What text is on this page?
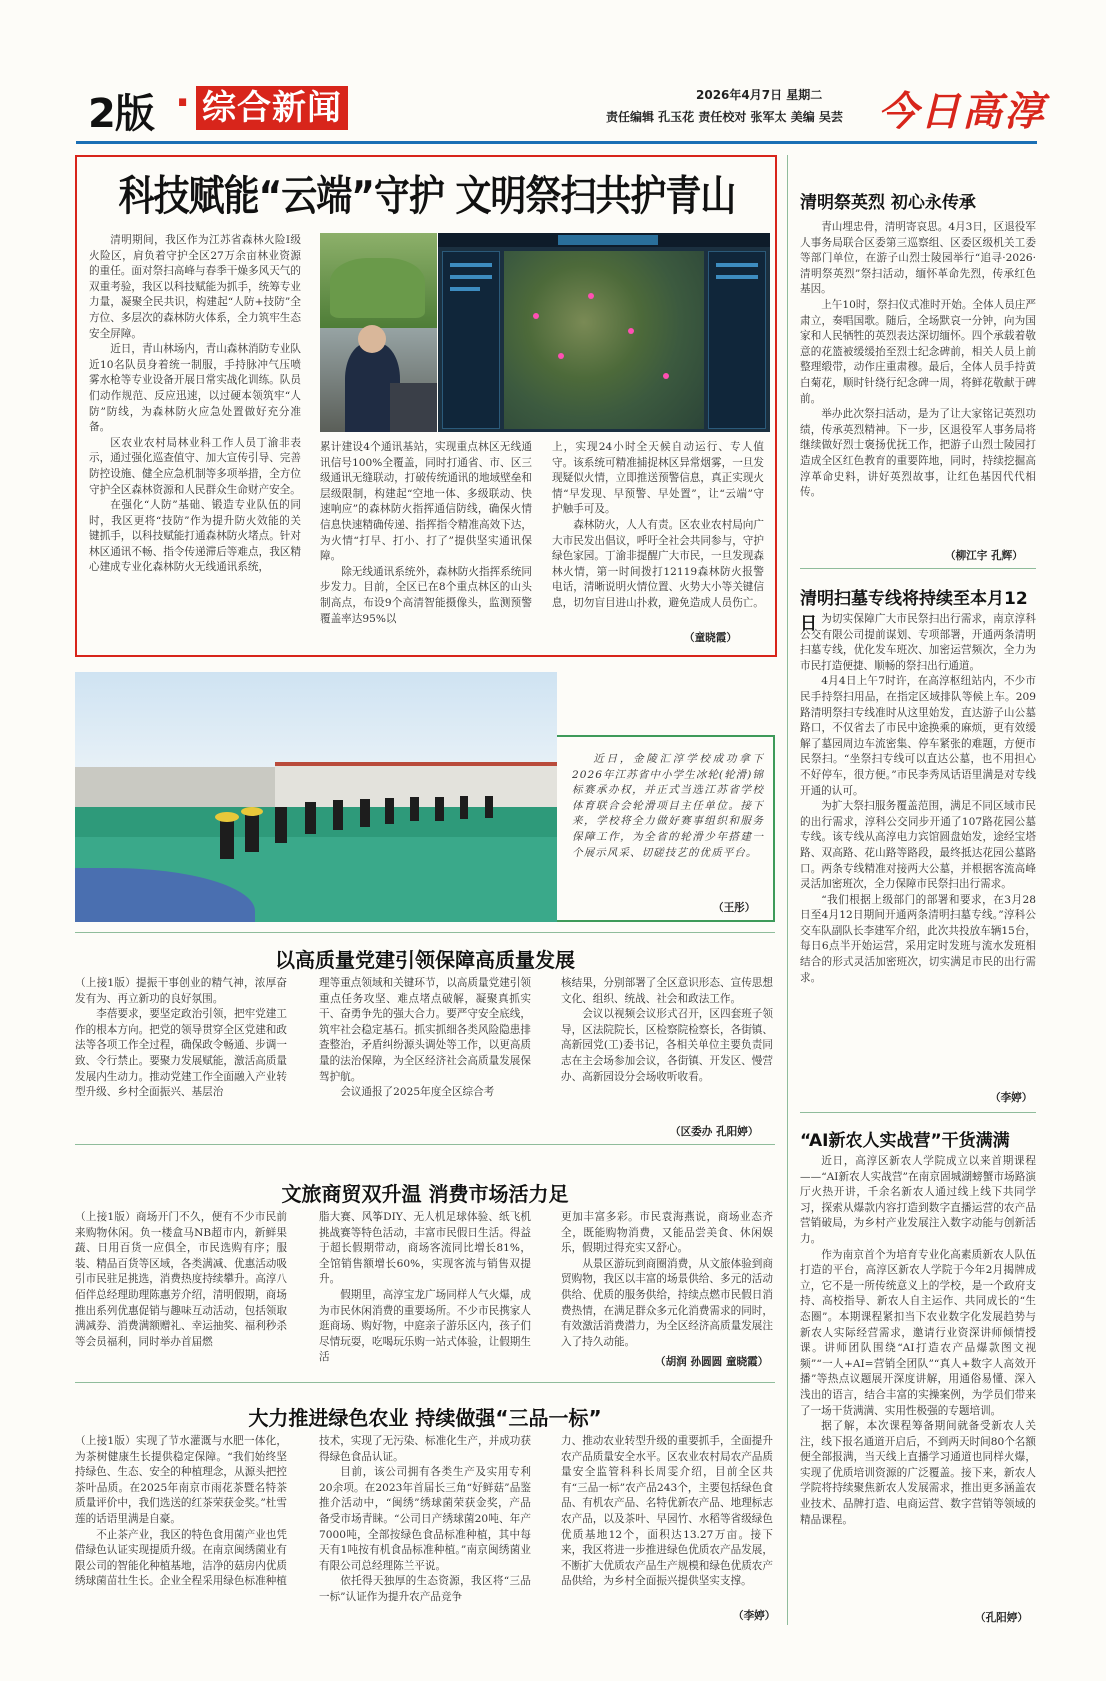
2版 · 综合新闻	2026年4月7日 星期二
责任编辑 孔玉花 责任校对 张军太 美编 吴芸 今日高淳
科技赋能“云端”守护 文明祭扫共护青山

清明期间，我区作为江苏省森林火险Ⅰ级火险区，肩负着守护全区27万余亩林业资源的重任。面对祭扫高峰与春季干燥多风天气的双重考验，我区以科技赋能为抓手，统筹专业力量，凝聚全民共识，构建起“人防+技防”全方位、多层次的森林防火体系，全力筑牢生态安全屏障。

近日，青山林场内，青山森林消防专业队近10名队员身着统一制服，手持脉冲气压喷雾水枪等专业设备开展日常实战化训练。队员们动作规范、反应迅速，以过硬本领筑牢“人防”防线，为森林防火应急处置做好充分准备。

区农业农村局林业科工作人员丁渝非表示，通过强化巡查值守、加大宣传引导、完善防控设施、健全应急机制等多项举措，全方位守护全区森林资源和人民群众生命财产安全。

在强化“人防”基础、锻造专业队伍的同时，我区更将“技防”作为提升防火效能的关键抓手，以科技赋能打通森林防火堵点。针对林区通讯不畅、指令传递滞后等难点，我区精心建成专业化森林防火无线通讯系统，

累计建设4个通讯基站，实现重点林区无线通讯信号100%全覆盖，同时打通省、市、区三级通讯无缝联动，打破传统通讯的地域壁垒和层级限制，构建起“空地一体、多级联动、快速响应”的森林防火指挥通信防线，确保火情信息快速精确传递、指挥指令精准高效下达，为火情“打早、打小、打了”提供坚实通讯保障。

除无线通讯系统外，森林防火指挥系统同步发力。目前，全区已在8个重点林区的山头制高点，布设9个高清智能摄像头，监测预警覆盖率达95%以

上，实现24小时全天候自动运行、专人值守。该系统可精准捕捉林区异常烟雾，一旦发现疑似火情，立即推送预警信息，真正实现火情“早发现、早预警、早处置”，让“云端”守护触手可及。

森林防火，人人有责。区农业农村局向广大市民发出倡议，呼吁全社会共同参与，守护绿色家园。丁渝非提醒广大市民，一旦发现森林火情，第一时间拨打12119森林防火报警电话，清晰说明火情位置、火势大小等关键信息，切勿盲目进山扑救，避免造成人员伤亡。

（童晓霞）

近日，金陵汇淳学校成功拿下2026年江苏省中小学生冰轮(轮滑)锦标赛承办权，并正式当选江苏省学校体育联合会轮滑项目主任单位。接下来，学校将全力做好赛事组织和服务保障工作，为全省的轮滑少年搭建一个展示风采、切磋技艺的优质平台。

（王彤）
以高质量党建引领保障高质量发展

（上接1版）提振干事创业的精气神，浓厚奋发有为、再立新功的良好氛围。

李蓓要求，要坚定政治引领，把牢党建工作的根本方向。把党的领导贯穿全区党建和政法等各项工作全过程，确保政令畅通、步调一致、令行禁止。要聚力发展赋能，激活高质量发展内生动力。推动党建工作全面融入产业转型升级、乡村全面振兴、基层治

理等重点领域和关键环节，以高质量党建引领重点任务攻坚、难点堵点破解，凝聚真抓实干、奋勇争先的强大合力。要严守安全底线，筑牢社会稳定基石。抓实抓细各类风险隐患排查整治，矛盾纠纷源头调处等工作，以更高质量的法治保障，为全区经济社会高质量发展保驾护航。

会议通报了2025年度全区综合考

核结果，分别部署了全区意识形态、宣传思想文化、组织、统战、社会和政法工作。

会议以视频会议形式召开，区四套班子领导，区法院院长，区检察院检察长，各街镇、高新园党(工)委书记，各相关单位主要负责同志在主会场参加会议，各街镇、开发区、慢营办、高新园设分会场收听收看。

（区委办 孔阳婷）
文旅商贸双升温 消费市场活力足

（上接1版）商场开门不久，便有不少市民前来购物休闲。负一楼盒马NB超市内，新鲜果蔬、日用百货一应俱全，市民选购有序；服装、精品百货等区域，各类满减、优惠活动吸引市民驻足挑选，消费热度持续攀升。高淳八佰伴总经理助理陈惠芳介绍，清明假期，商场推出系列优惠促销与趣味互动活动，包括领取满减券、消费满额赠礼、幸运抽奖、福利秒杀等会员福利，同时举办首届燃

脂大赛、风筝DIY、无人机足球体验、纸飞机挑战赛等特色活动，丰富市民假日生活。得益于超长假期带动，商场客流同比增长81%，全馆销售额增长60%，实现客流与销售双提升。

假期里，高淳宝龙广场同样人气火爆，成为市民休闲消费的重要场所。不少市民携家人逛商场、购好物，中庭亲子游乐区内，孩子们尽情玩耍，吃喝玩乐购一站式体验，让假期生活

更加丰富多彩。市民袁海燕说，商场业态齐全，既能购物消费，又能品尝美食、休闲娱乐，假期过得充实又舒心。

从景区游玩到商圈消费，从文旅体验到商贸购物，我区以丰富的场景供给、多元的活动供给、优质的服务供给，持续点燃市民假日消费热情，在满足群众多元化消费需求的同时，有效激活消费潜力，为全区经济高质量发展注入了持久动能。

（胡润 孙圆圆 童晓霞）
大力推进绿色农业 持续做强“三品一标”

（上接1版）实现了节水灌溉与水肥一体化，为茶树健康生长提供稳定保障。“我们始终坚持绿色、生态、安全的种植理念，从源头把控茶叶品质。在2025年南京市雨花茶暨名特茶质量评价中，我们选送的红茶荣获金奖。”杜雪莲的话语里满是自豪。

不止茶产业，我区的特色食用菌产业也凭借绿色认证实现提质升级。在南京闽绣菌业有限公司的智能化种植基地，洁净的菇房内优质绣球菌苗壮生长。企业全程采用绿色标准种植

技术，实现了无污染、标准化生产，并成功获得绿色食品认证。

目前，该公司拥有各类生产及实用专利20余项。在2023年首届长三角“好鲜菇”品鉴推介活动中，“闽绣”绣球菌荣获金奖，产品备受市场青睐。“公司日产绣球菌20吨、年产7000吨，全部按绿色食品标准种植，其中每天有1吨按有机食品标准种植。”南京闽绣菌业有限公司总经理陈兰平说。

依托得天独厚的生态资源，我区将“三品一标”认证作为提升农产品竞争

力、推动农业转型升级的重要抓手，全面提升农产品质量安全水平。区农业农村局农产品质量安全监管科科长周雯介绍，目前全区共有“三品一标”农产品243个，主要包括绿色食品、有机农产品、名特优新农产品、地理标志农产品，以及茶叶、早园竹、水稻等省级绿色优质基地12个，面积达13.27万亩。接下来，我区将进一步推进绿色优质农产品发展，不断扩大优质农产品生产规模和绿色优质农产品供给，为乡村全面振兴提供坚实支撑。

（李婷）
清明祭英烈 初心永传承

青山埋忠骨，清明寄哀思。4月3日，区退役军人事务局联合区委第三巡察组、区委区级机关工委等部门单位，在游子山烈士陵园举行“追寻·2026·清明祭英烈”祭扫活动，缅怀革命先烈，传承红色基因。

上午10时，祭扫仪式准时开始。全体人员庄严肃立，奏唱国歌。随后，全场默哀一分钟，向为国家和人民牺牲的英烈表达深切缅怀。四个承载着敬意的花篮被缓缓抬至烈士纪念碑前，相关人员上前整理缎带，动作庄重肃穆。最后，全体人员手持黄白菊花，顺时针绕行纪念碑一周，将鲜花敬献于碑前。

举办此次祭扫活动，是为了让大家铭记英烈功绩，传承英烈精神。下一步，区退役军人事务局将继续做好烈士褒扬优抚工作，把游子山烈士陵园打造成全区红色教育的重要阵地，同时，持续挖掘高淳革命史料，讲好英烈故事，让红色基因代代相传。

（柳江宇 孔辉）
清明扫墓专线将持续至本月12日 为切实保障广大市民祭扫出行需求，南京淳科公交有限公司提前谋划、专项部署，开通两条清明扫墓专线，优化发车班次、加密运营频次，全力为市民打造便捷、顺畅的祭扫出行通道。

4月4日上午7时许，在高淳枢纽站内，不少市民手持祭扫用品，在指定区域排队等候上车。209路清明祭扫专线准时从这里始发，直达游子山公墓路口，不仅省去了市民中途换乘的麻烦，更有效缓解了墓园周边车流密集、停车紧张的难题，方便市民祭扫。“坐祭扫专线可以直达公墓，也不用担心不好停车，很方便。”市民李秀凤话语里满是对专线开通的认可。

为扩大祭扫服务覆盖范围，满足不同区域市民的出行需求，淳科公交同步开通了107路花园公墓专线。该专线从高淳电力宾馆圆盘始发，途经宝塔路、双高路、花山路等路段，最终抵达花园公墓路口。两条专线精准对接两大公墓，并根据客流高峰灵活加密班次，全力保障市民祭扫出行需求。

“我们根据上级部门的部署和要求，在3月28日至4月12日期间开通两条清明扫墓专线。”淳科公交车队副队长李建军介绍，此次共投放车辆15台，每日6点半开始运营，采用定时发班与流水发班相结合的形式灵活加密班次，切实满足市民的出行需求。

（李婷）
“AI新农人实战营”干货满满

近日，高淳区新农人学院成立以来首期课程——“AI新农人实战营”在南京固城湖螃蟹市场路演厅火热开讲，千余名新农人通过线上线下共同学习，探索从爆款内容打造到数字直播运营的农产品营销破局，为乡村产业发展注入数字动能与创新活力。

作为南京首个为培育专业化高素质新农人队伍打造的平台，高淳区新农人学院于今年2月揭牌成立，它不是一所传统意义上的学校，是一个政府支持、高校指导、新农人自主运作、共同成长的“生态圈”。本期课程紧扣当下农业数字化发展趋势与新农人实际经营需求，邀请行业资深讲师倾情授课。讲师团队围绕“AI打造农产品爆款图文视频”“一人+AI=营销全团队”“真人+数字人高效开播”等热点议题展开深度讲解，用通俗易懂、深入浅出的语言，结合丰富的实操案例，为学员们带来了一场干货满满、实用性极强的专题培训。

据了解，本次课程筹备期间就备受新农人关注，线下报名通道开启后，不到两天时间80个名额便全部报满，当天线上直播学习通道也同样火爆，实现了优质培训资源的广泛覆盖。接下来，新农人学院将持续聚焦新农人发展需求，推出更多涵盖农业技术、品牌打造、电商运营、数字营销等领域的精品课程。

（孔阳婷）
